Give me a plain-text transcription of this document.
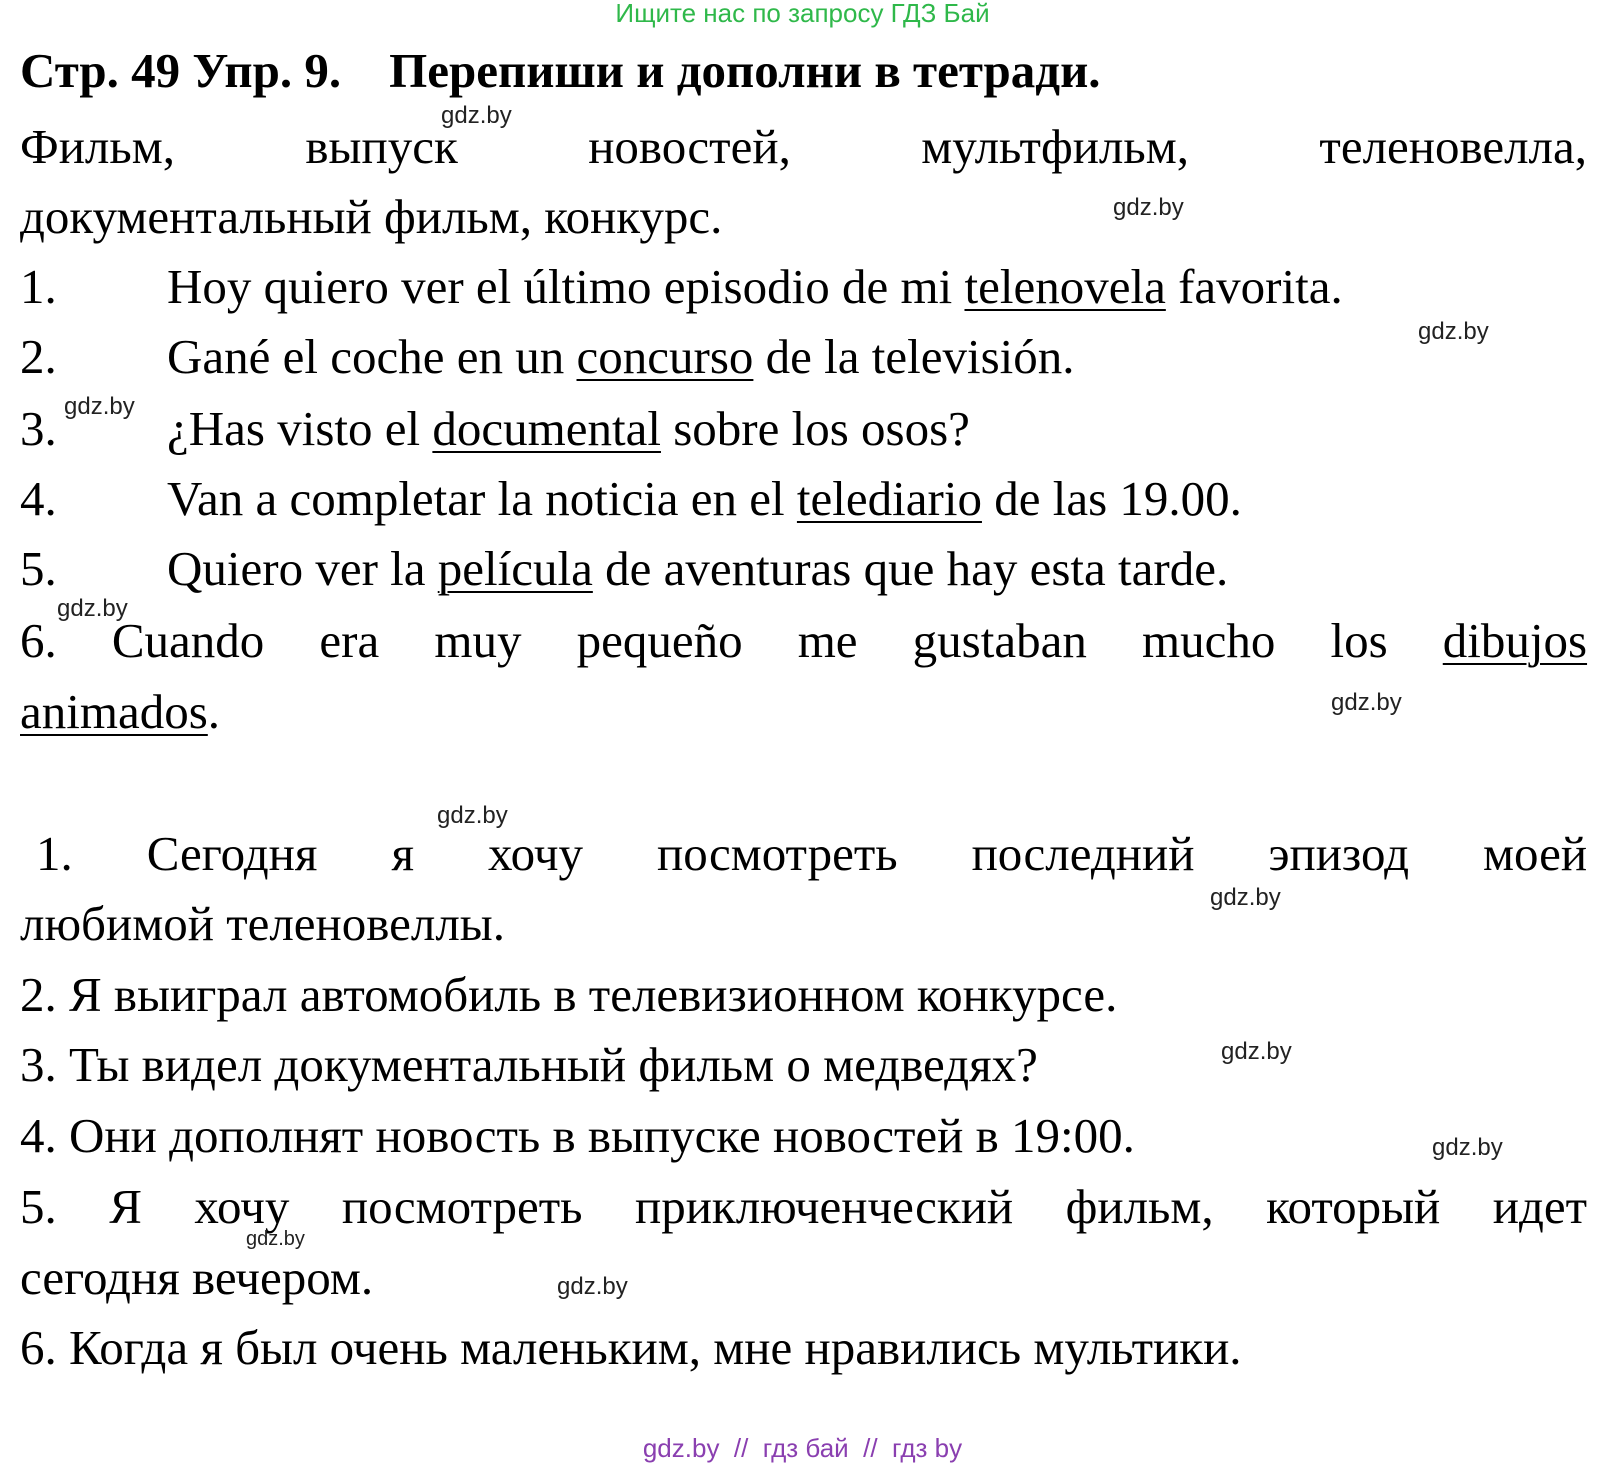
Ищите нас по запросу ГДЗ Бай
Стр. 49 Упр. 9. Перепиши и дополни в тетради.
Фильм,	выпуск	новостей,	мультфильм,	теленовелла,
документальный фильм, конкурс.
1. Hoy quiero ver el último episodio de mi telenovela favorita.
2. Gané el coche en un concurso de la televisión.
3. ¿Has visto el documental sobre los osos?
4. Van a completar la noticia en el telediario de las 19.00.
5. Quiero ver la película de aventuras que hay esta tarde.
6. Cuando era muy pequeño me gustaban mucho los dibujos
animados.
1. Сегодня я хочу посмотреть последний эпизод моей
любимой теленовеллы.
2. Я выиграл автомобиль в телевизионном конкурсе.
3. Ты видел документальный фильм о медведях?
4. Они дополнят новость в выпуске новостей в 19:00.
5. Я хочу посмотреть приключенческий фильм, который идет
сегодня вечером.
6. Когда я был очень маленьким, мне нравились мультики.
gdz.by
gdz.by
gdz.by
gdz.by
gdz.by
gdz.by
gdz.by
gdz.by
gdz.by
gdz.by
gdz.by
gdz.by
gdz.by  //  гдз бай  //  гдз by
